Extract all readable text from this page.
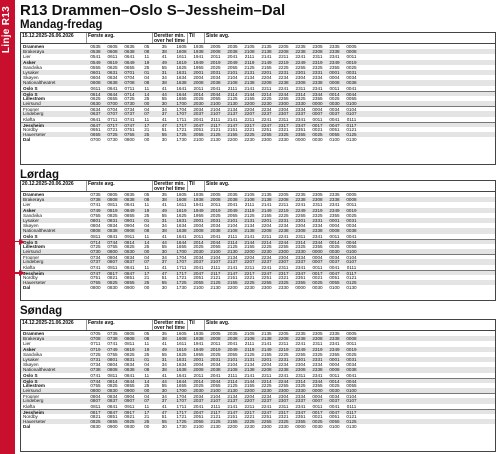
Linje R13 R13 Drammen–Oslo S–Jessheim–Dal
Mandag-fredag
15.12.2025-26.06.2026	Første avg.	Deretter min. over hel time
Til	Siste avg.
Drammen	0535	0605	0635	05	35	1605	1935	2005	2035	2105	2135	2205	2235	2305	2335	0005
Brakerøya	0538	0608	0638	08	38	1608	1938	2008	2038	2108	2138	2208	2238	2308	2338	0008
Lier	0541	0611	0641	11	41	1611	1941	2011	2041	2111	2141	2211	2241	2311	2341	0011
Asker	0549	0619	0649	19	49	1619	1949	2019	2049	2119	2149	2219	2249	2319	2349	0019
Sandvika	0555	0625	0655	25	55	1625	1955	2025	2055	2125	2155	2225	2255	2325	2355	0025
Lysaker	0601	0631	0701	01	31	1631	2001	2031	2101	2131	2201	2231	2301	2331	0001	0031
Skøyen	0604	0634	0704	04	34	1634	2004	2034	2104	2134	2204	2234	2304	2334	0004	0034
Nationaltheatret	0608	0638	0708	08	38	1638	2008	2038	2108	2138	2208	2238	2308	2338	0008	0038
Oslo S	0611	0641	0711	11	41	1641	2011	2041	2111	2141	2211	2241	2311	2341	0011	0041
Oslo S	0614	0644	0714	14	44	1644	2014	2044	2114	2144	2214	2244	2314	2344	0014	0044
Lillestrøm	0625	0655	0725	25	55	1655	2025	2055	2125	2155	2225	2255	2325	2355	0025	0055
Leirsund	0630	0700	0730	00	30	1700	2030	2100	2130	2200	2230	2300	2330	0000	0030	0100
Frogner	0634	0704	0734	04	34	1704	2034	2104	2134	2204	2234	2304	2334	0004	0034	0104
Lindeberg	0637	0707	0737	07	37	1707	2037	2107	2137	2207	2237	2307	2337	0007	0037	0107
Kløfta	0641	0711	0741	11	41	1711	2041	2111	2141	2211	2241	2311	2341	0011	0041	0111
Jessheim	0647	0717	0747	17	47	1717	2047	2117	2147	2217	2247	2317	2347	0017	0047	0117
Nordby	0651	0721	0751	21	51	1721	2051	2121	2151	2221	2251	2321	2351	0021	0051	0121
Hauerseter	0655	0725	0755	25	55	1725	2055	2125	2155	2225	2255	2325	2355	0025	0055	0125
Dal	0700	0730	0800	00	30	1730	2100	2130	2200	2230	2300	2330	0000	0030	0100	0130
Lørdag
20.12.2025-20.06.2026	Første avg.	Deretter min. over hel time
Til	Siste avg.
Drammen	0735	0805	0835	05	35	1605	1935	2005	2035	2105	2135	2205	2235	2305	2335	0005
Brakerøya	0738	0808	0838	08	38	1608	1938	2008	2038	2108	2138	2208	2238	2308	2338	0008
Lier	0741	0811	0841	11	41	1611	1941	2011	2041	2111	2141	2211	2241	2311	2341	0011
Asker	0749	0819	0849	19	49	1619	1949	2019	2049	2119	2149	2219	2249	2319	2349	0019
Sandvika	0755	0825	0855	25	55	1625	1955	2025	2055	2125	2155	2225	2255	2325	2355	0025
Lysaker	0801	0831	0901	01	31	1631	2001	2031	2101	2131	2201	2231	2301	2331	0001	0031
Skøyen	0804	0834	0904	04	34	1634	2004	2034	2104	2134	2204	2234	2304	2334	0004	0034
Nationaltheatret	0808	0838	0908	08	38	1638	2008	2038	2108	2138	2208	2238	2308	2338	0008	0038
Oslo S	0811	0841	0911	11	41	1641	2011	2041	2111	2141	2211	2241	2311	2341	0011	0041
Oslo S	0714	0744	0814	14	44	1644	2014	2044	2114	2144	2214	2244	2314	2344	0014	0044
Lillestrøm	0725	0755	0825	25	55	1655	2025	2055	2125	2155	2225	2255	2325	2355	0025	0055
Leirsund	0730	0800	0830	00	30	1700	2030	2100	2130	2200	2230	2300	2330	0000	0030	0100
Frogner	0734	0804	0834	04	34	1704	2034	2104	2134	2204	2234	2304	2334	0004	0034	0104
Lindeberg	0737	0807	0837	07	37	1707	2037	2107	2137	2207	2237	2307	2337	0007	0037	0107
Kløfta	0741	0811	0841	11	41	1711	2041	2111	2141	2211	2241	2311	2341	0011	0041	0111
Jessheim	0747	0817	0847	17	47	1717	2047	2117	2147	2217	2247	2317	2347	0017	0047	0117
Nordby	0751	0821	0851	21	51	1721	2051	2121	2151	2221	2251	2321	2351	0021	0051	0121
Hauerseter	0755	0825	0855	25	55	1725	2055	2125	2155	2225	2255	2325	2355	0025	0055	0125
Dal	0800	0830	0900	00	30	1730	2100	2130	2200	2230	2300	2330	0000	0030	0100	0130
Søndag
14.12.2025-21.06.2026	Første avg.	Deretter min. over hel time
Til	Siste avg.
Drammen	0705	0735	0805	05	35	1605	1935	2005	2035	2105	2135	2205	2235	2305	2335	0005
Brakerøya	0708	0738	0808	08	38	1608	1938	2008	2038	2108	2138	2208	2238	2308	2338	0008
Lier	0711	0741	0811	11	41	1611	1941	2011	2041	2111	2141	2211	2241	2311	2341	0011
Asker	0719	0749	0819	19	49	1619	1949	2019	2049	2119	2149	2219	2249	2319	2349	0019
Sandvika	0725	0755	0825	25	55	1625	1955	2025	2055	2125	2155	2225	2255	2325	2355	0025
Lysaker	0731	0801	0831	01	31	1631	2001	2031	2101	2131	2201	2231	2301	2331	0001	0031
Skøyen	0734	0804	0834	04	34	1634	2004	2034	2104	2134	2204	2234	2304	2334	0004	0034
Nationaltheatret	0738	0808	0838	08	38	1638	2008	2038	2108	2138	2208	2238	2308	2338	0008	0038
Oslo S	0741	0811	0841	11	41	1641	2011	2041	2111	2141	2211	2241	2311	2341	0011	0041
Oslo S	0744	0814	0844	14	44	1644	2014	2044	2114	2144	2214	2244	2314	2344	0014	0044
Lillestrøm	0755	0825	0855	25	55	1655	2025	2055	2125	2155	2225	2255	2325	2355	0025	0055
Leirsund	0800	0830	0900	00	30	1700	2030	2100	2130	2200	2230	2300	2330	0000	0030	0100
Frogner	0804	0834	0904	04	34	1704	2034	2104	2134	2204	2234	2304	2334	0004	0034	0104
Lindeberg	0807	0837	0907	07	37	1707	2037	2107	2137	2207	2237	2307	2337	0007	0037	0107
Kløfta	0811	0841	0911	11	41	1711	2041	2111	2141	2211	2241	2311	2341	0011	0041	0111
Jessheim	0817	0847	0917	17	47	1717	2047	2117	2147	2217	2247	2317	2347	0017	0047	0117
Nordby	0821	0851	0921	21	51	1721	2051	2121	2151	2221	2251	2321	2351	0021	0051	0121
Hauerseter	0825	0855	0925	25	55	1725	2055	2125	2155	2225	2255	2325	2355	0025	0055	0125
Dal	0830	0900	0930	00	30	1730	2100	2130	2200	2230	2300	2330	0000	0030	0100	0130
